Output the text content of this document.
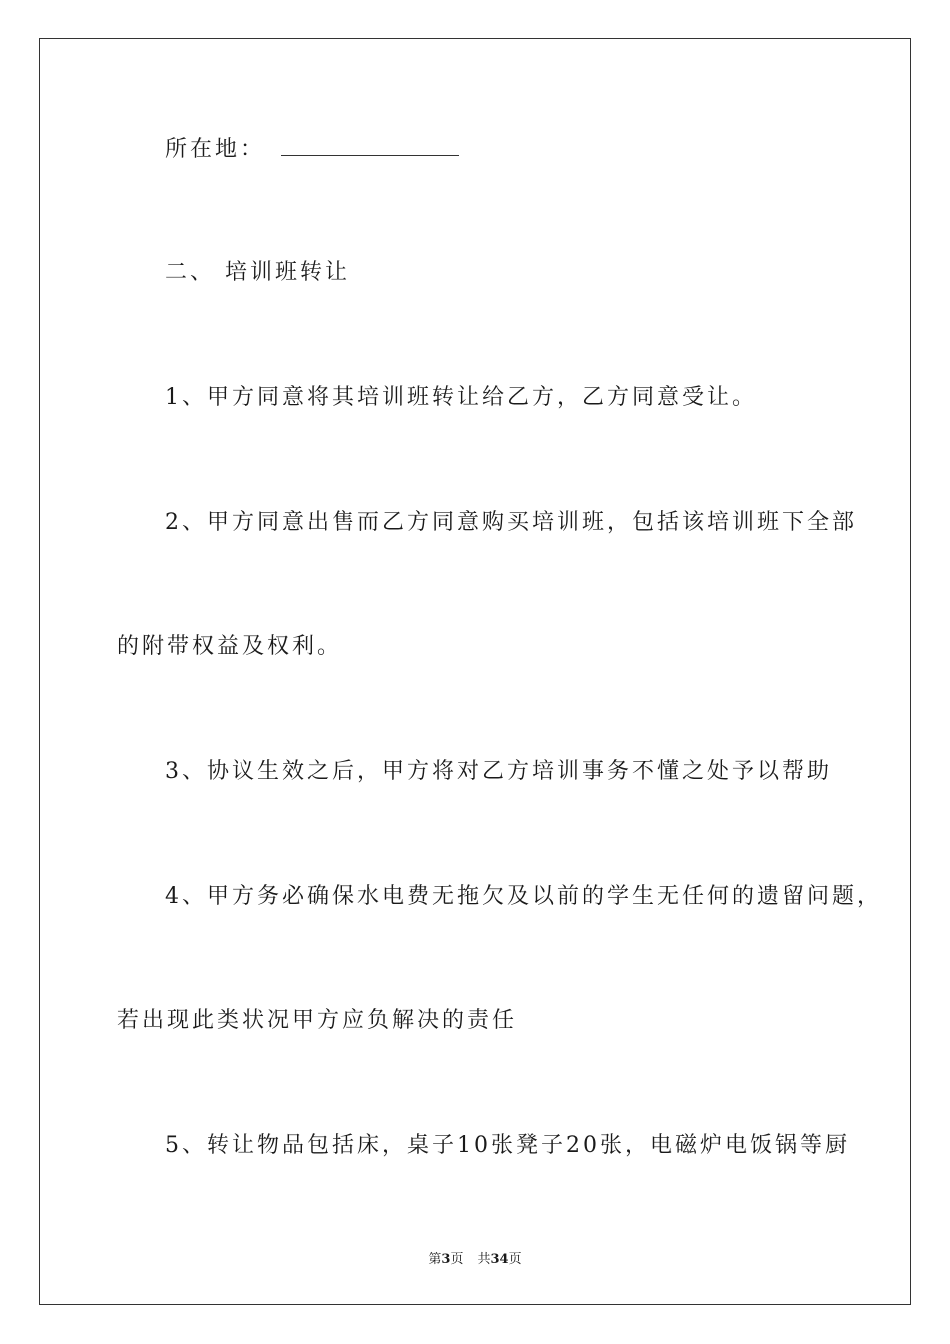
所在地：
二、 培训班转让
1、甲方同意将其培训班转让给乙方，乙方同意受让。
2、甲方同意出售而乙方同意购买培训班，包括该培训班下全部
的附带权益及权利。
3、协议生效之后，甲方将对乙方培训事务不懂之处予以帮助
4、甲方务必确保水电费无拖欠及以前的学生无任何的遗留问题，
若出现此类状况甲方应负解决的责任
5、转让物品包括床，桌子10张凳子20张，电磁炉电饭锅等厨
第3页 共34页
